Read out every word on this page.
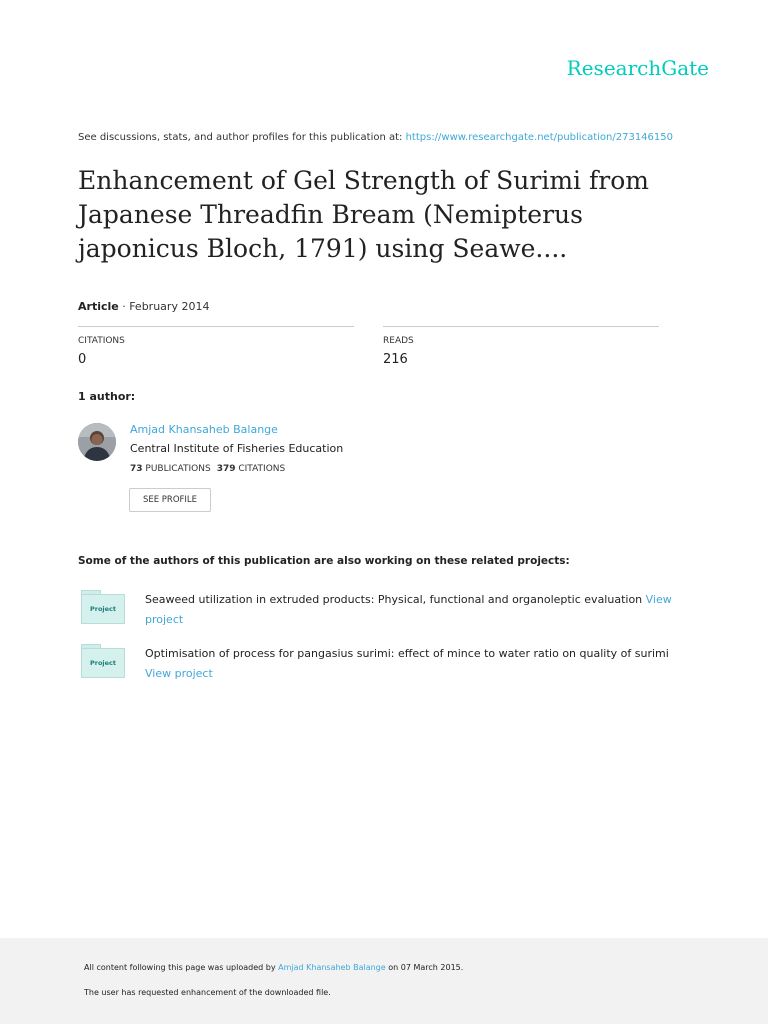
ResearchGate
See discussions, stats, and author profiles for this publication at: https://www.researchgate.net/publication/273146150
Enhancement of Gel Strength of Surimi from Japanese Threadfin Bream (Nemipterus japonicus Bloch, 1791) using Seawe....
Article · February 2014
CITATIONS
0
READS
216
1 author:
Amjad Khansaheb Balange
Central Institute of Fisheries Education
73 PUBLICATIONS 379 CITATIONS
SEE PROFILE
Some of the authors of this publication are also working on these related projects:
Project
Seaweed utilization in extruded products: Physical, functional and organoleptic evaluation View project
Project
Optimisation of process for pangasius surimi: effect of mince to water ratio on quality of surimi View project
All content following this page was uploaded by Amjad Khansaheb Balange on 07 March 2015.
The user has requested enhancement of the downloaded file.
